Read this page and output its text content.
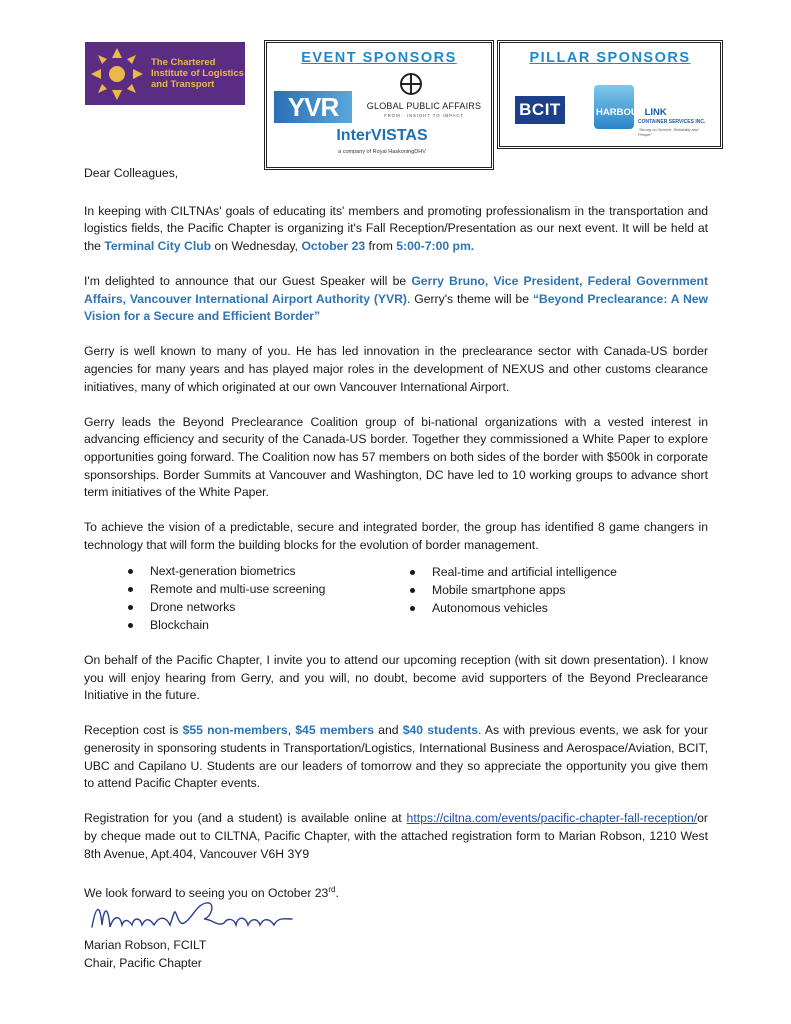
The Chartered
Institute of Logistics
and Transport
EVENT SPONSORS
YVR	GLOBAL PUBLIC AFFAIRS
FROM · INSIGHT TO IMPACT
InterVISTAS
a company of Royal HaskoningDHV
PILLAR SPONSORS
BCIT	HARBOURLINK
CONTAINER SERVICES INC.
"Strong on Service, Reliability and People"

Dear Colleagues,

In keeping with CILTNAs' goals of educating its' members and promoting professionalism in the transportation and logistics fields, the Pacific Chapter is organizing it's Fall Reception/Presentation as our next event. It will be held at the Terminal City Club on Wednesday, October 23 from 5:00-7:00 pm.

I'm delighted to announce that our Guest Speaker will be Gerry Bruno, Vice President, Federal Government Affairs, Vancouver International Airport Authority (YVR). Gerry's theme will be “Beyond Preclearance: A New Vision for a Secure and Efficient Border”

Gerry is well known to many of you. He has led innovation in the preclearance sector with Canada-US border agencies for many years and has played major roles in the development of NEXUS and other customs clearance initiatives, many of which originated at our own Vancouver International Airport.

Gerry leads the Beyond Preclearance Coalition group of bi-national organizations with a vested interest in advancing efficiency and security of the Canada-US border. Together they commissioned a White Paper to explore opportunities going forward. The Coalition now has 57 members on both sides of the border with $500k in corporate sponsorships. Border Summits at Vancouver and Washington, DC have led to 10 working groups to advance short term initiatives of the White Paper.

To achieve the vision of a predictable, secure and integrated border, the group has identified 8 game changers in technology that will form the building blocks for the evolution of border management.

Next-generation biometrics
Remote and multi-use screening
Drone networks
Blockchain
Real-time and artificial intelligence
Mobile smartphone apps
Autonomous vehicles

On behalf of the Pacific Chapter, I invite you to attend our upcoming reception (with sit down presentation). I know you will enjoy hearing from Gerry, and you will, no doubt, become avid supporters of the Beyond Preclearance Initiative in the future.

Reception cost is $55 non-members, $45 members and $40 students. As with previous events, we ask for your generosity in sponsoring students in Transportation/Logistics, International Business and Aerospace/Aviation, BCIT, UBC and Capilano U. Students are our leaders of tomorrow and they so appreciate the opportunity you give them to attend Pacific Chapter events.

Registration for you (and a student) is available online at https://ciltna.com/events/pacific-chapter-fall-reception/or by cheque made out to CILTNA, Pacific Chapter, with the attached registration form to Marian Robson, 1210 West 8th Avenue, Apt.404, Vancouver V6H 3Y9

We look forward to seeing you on October 23rd.

Marian Robson, FCILT
Chair, Pacific Chapter
